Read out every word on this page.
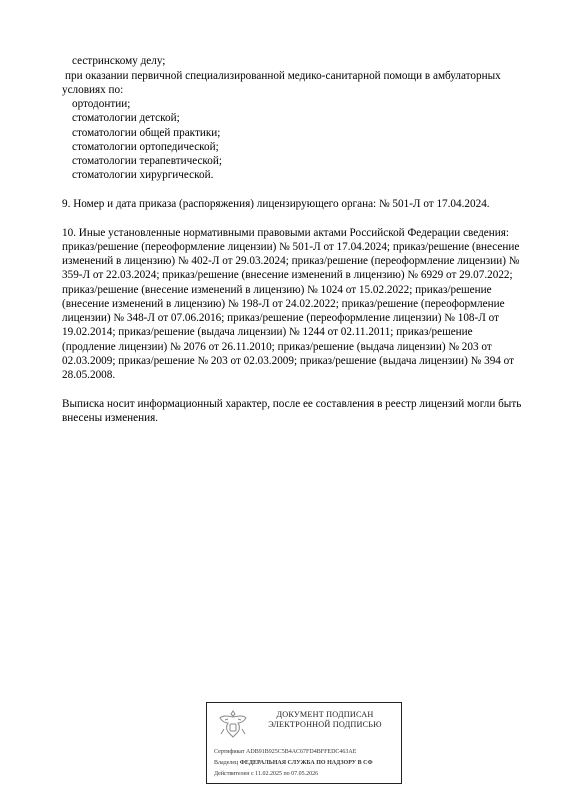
сестринскому делу;
при оказании первичной специализированной медико-санитарной помощи в амбулаторных
условиях по:
ортодонтии;
стоматологии детской;
стоматологии общей практики;
стоматологии ортопедической;
стоматологии терапевтической;
стоматологии хирургической.
9. Номер и дата приказа (распоряжения) лицензирующего органа: № 501-Л от 17.04.2024.
10. Иные установленные нормативными правовыми актами Российской Федерации сведения:
приказ/решение (переоформление лицензии) № 501-Л от 17.04.2024; приказ/решение (внесение
изменений в лицензию) № 402-Л от 29.03.2024; приказ/решение (переоформление лицензии) №
359-Л от 22.03.2024; приказ/решение (внесение изменений в лицензию) № 6929 от 29.07.2022;
приказ/решение (внесение изменений в лицензию) № 1024 от 15.02.2022; приказ/решение
(внесение изменений в лицензию) № 198-Л от 24.02.2022; приказ/решение (переоформление
лицензии) № 348-Л от 07.06.2016; приказ/решение (переоформление лицензии) № 108-Л от
19.02.2014; приказ/решение (выдача лицензии) № 1244 от 02.11.2011; приказ/решение
(продление лицензии) № 2076 от 26.11.2010; приказ/решение (выдача лицензии) № 203 от
02.03.2009; приказ/решение № 203 от 02.03.2009; приказ/решение (выдача лицензии) № 394 от
28.05.2008.
Выписка носит информационный характер, после ее составления в реестр лицензий могли быть
внесены изменения.
ДОКУМЕНТ ПОДПИСАН
ЭЛЕКТРОННОЙ ПОДПИСЬЮ
Сертификат ADB91B925C5B4AC67FD4BFFEDC463AE
Владелец ФЕДЕРАЛЬНАЯ СЛУЖБА ПО НАДЗОРУ В СФ
Действителен с 11.02.2025 по 07.05.2026
